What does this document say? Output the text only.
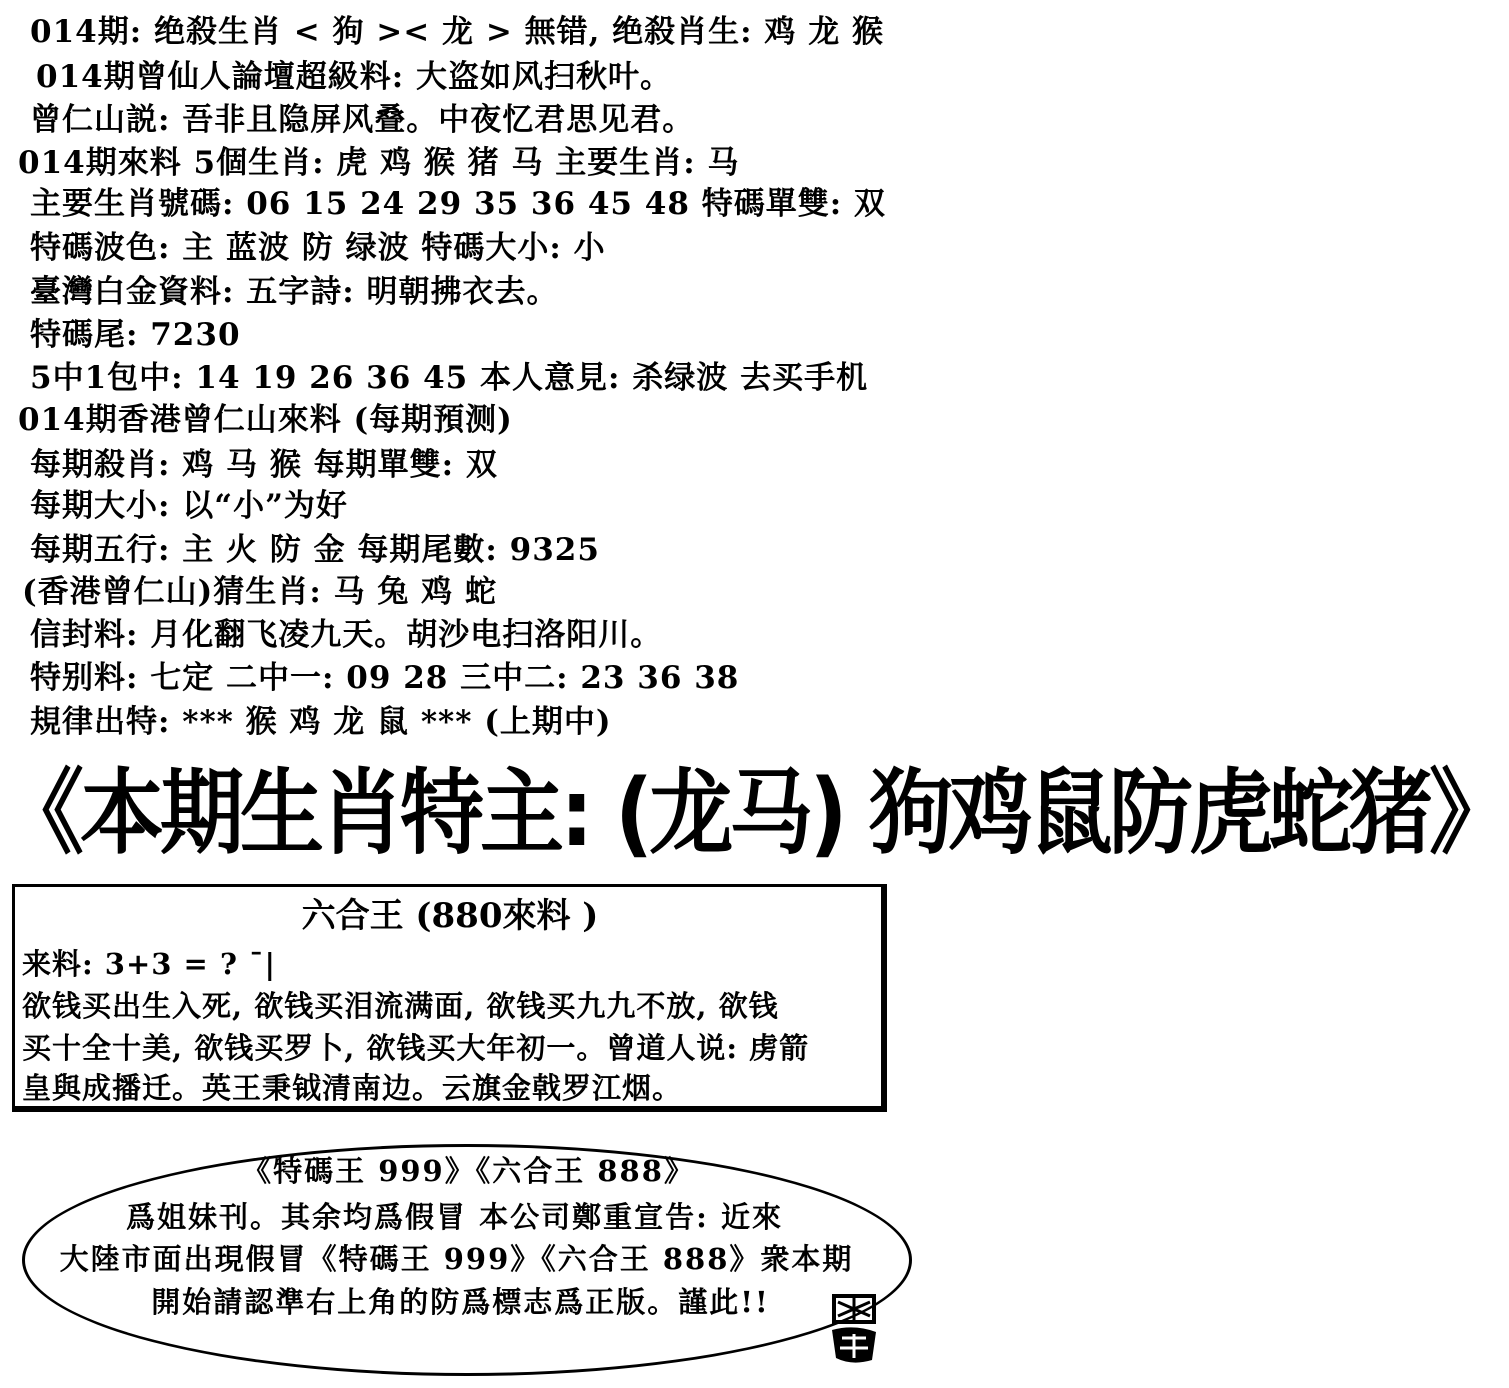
014期: 绝殺生肖 < 狗 >< 龙 > 無错, 绝殺肖生: 鸡 龙 猴
014期曾仙人論壇超級料: 大盗如风扫秋叶。
曾仁山説: 吾非且隐屏风叠。中夜忆君思见君。
014期來料 5個生肖: 虎 鸡 猴 猪 马 主要生肖: 马
主要生肖號碼: 06 15 24 29 35 36 45 48 特碼單雙: 双
特碼波色: 主 蓝波 防 绿波 特碼大小: 小
臺灣白金資料: 五字詩: 明朝拂衣去。
特碼尾: 7230
5中1包中: 14 19 26 36 45 本人意見: 杀绿波 去买手机
014期香港曾仁山來料 (每期預测)
每期殺肖: 鸡 马 猴 每期單雙: 双
每期大小: 以“小”为好
每期五行: 主 火 防 金 每期尾數: 9325
(香港曾仁山)猜生肖: 马 兔 鸡 蛇
信封料: 月化翻飞凌九天。胡沙电扫洛阳川。
特别料: 七定 二中一: 09 28 三中二: 23 36 38
規律出特: *** 猴 鸡 龙 鼠 *** (上期中)
《本期生肖特主: (龙马) 狗鸡鼠防虎蛇猪》
六合王 (880來料 )
来料: 3+3 = ? ˉ|
欲钱买出生入死, 欲钱买泪流满面, 欲钱买九九不放, 欲钱
买十全十美, 欲钱买罗卜, 欲钱买大年初一。曾道人说: 虏箭
皇與成播迁。英王秉钺清南边。云旗金戟罗江烟。
《特碼王 999》《六合王 888》
爲姐妹刊。其余均爲假冒 本公司鄭重宣告: 近來
大陸市面出現假冒《特碼王 999》《六合王 888》衆本期
開始請認準右上角的防爲標志爲正版。謹此!!
